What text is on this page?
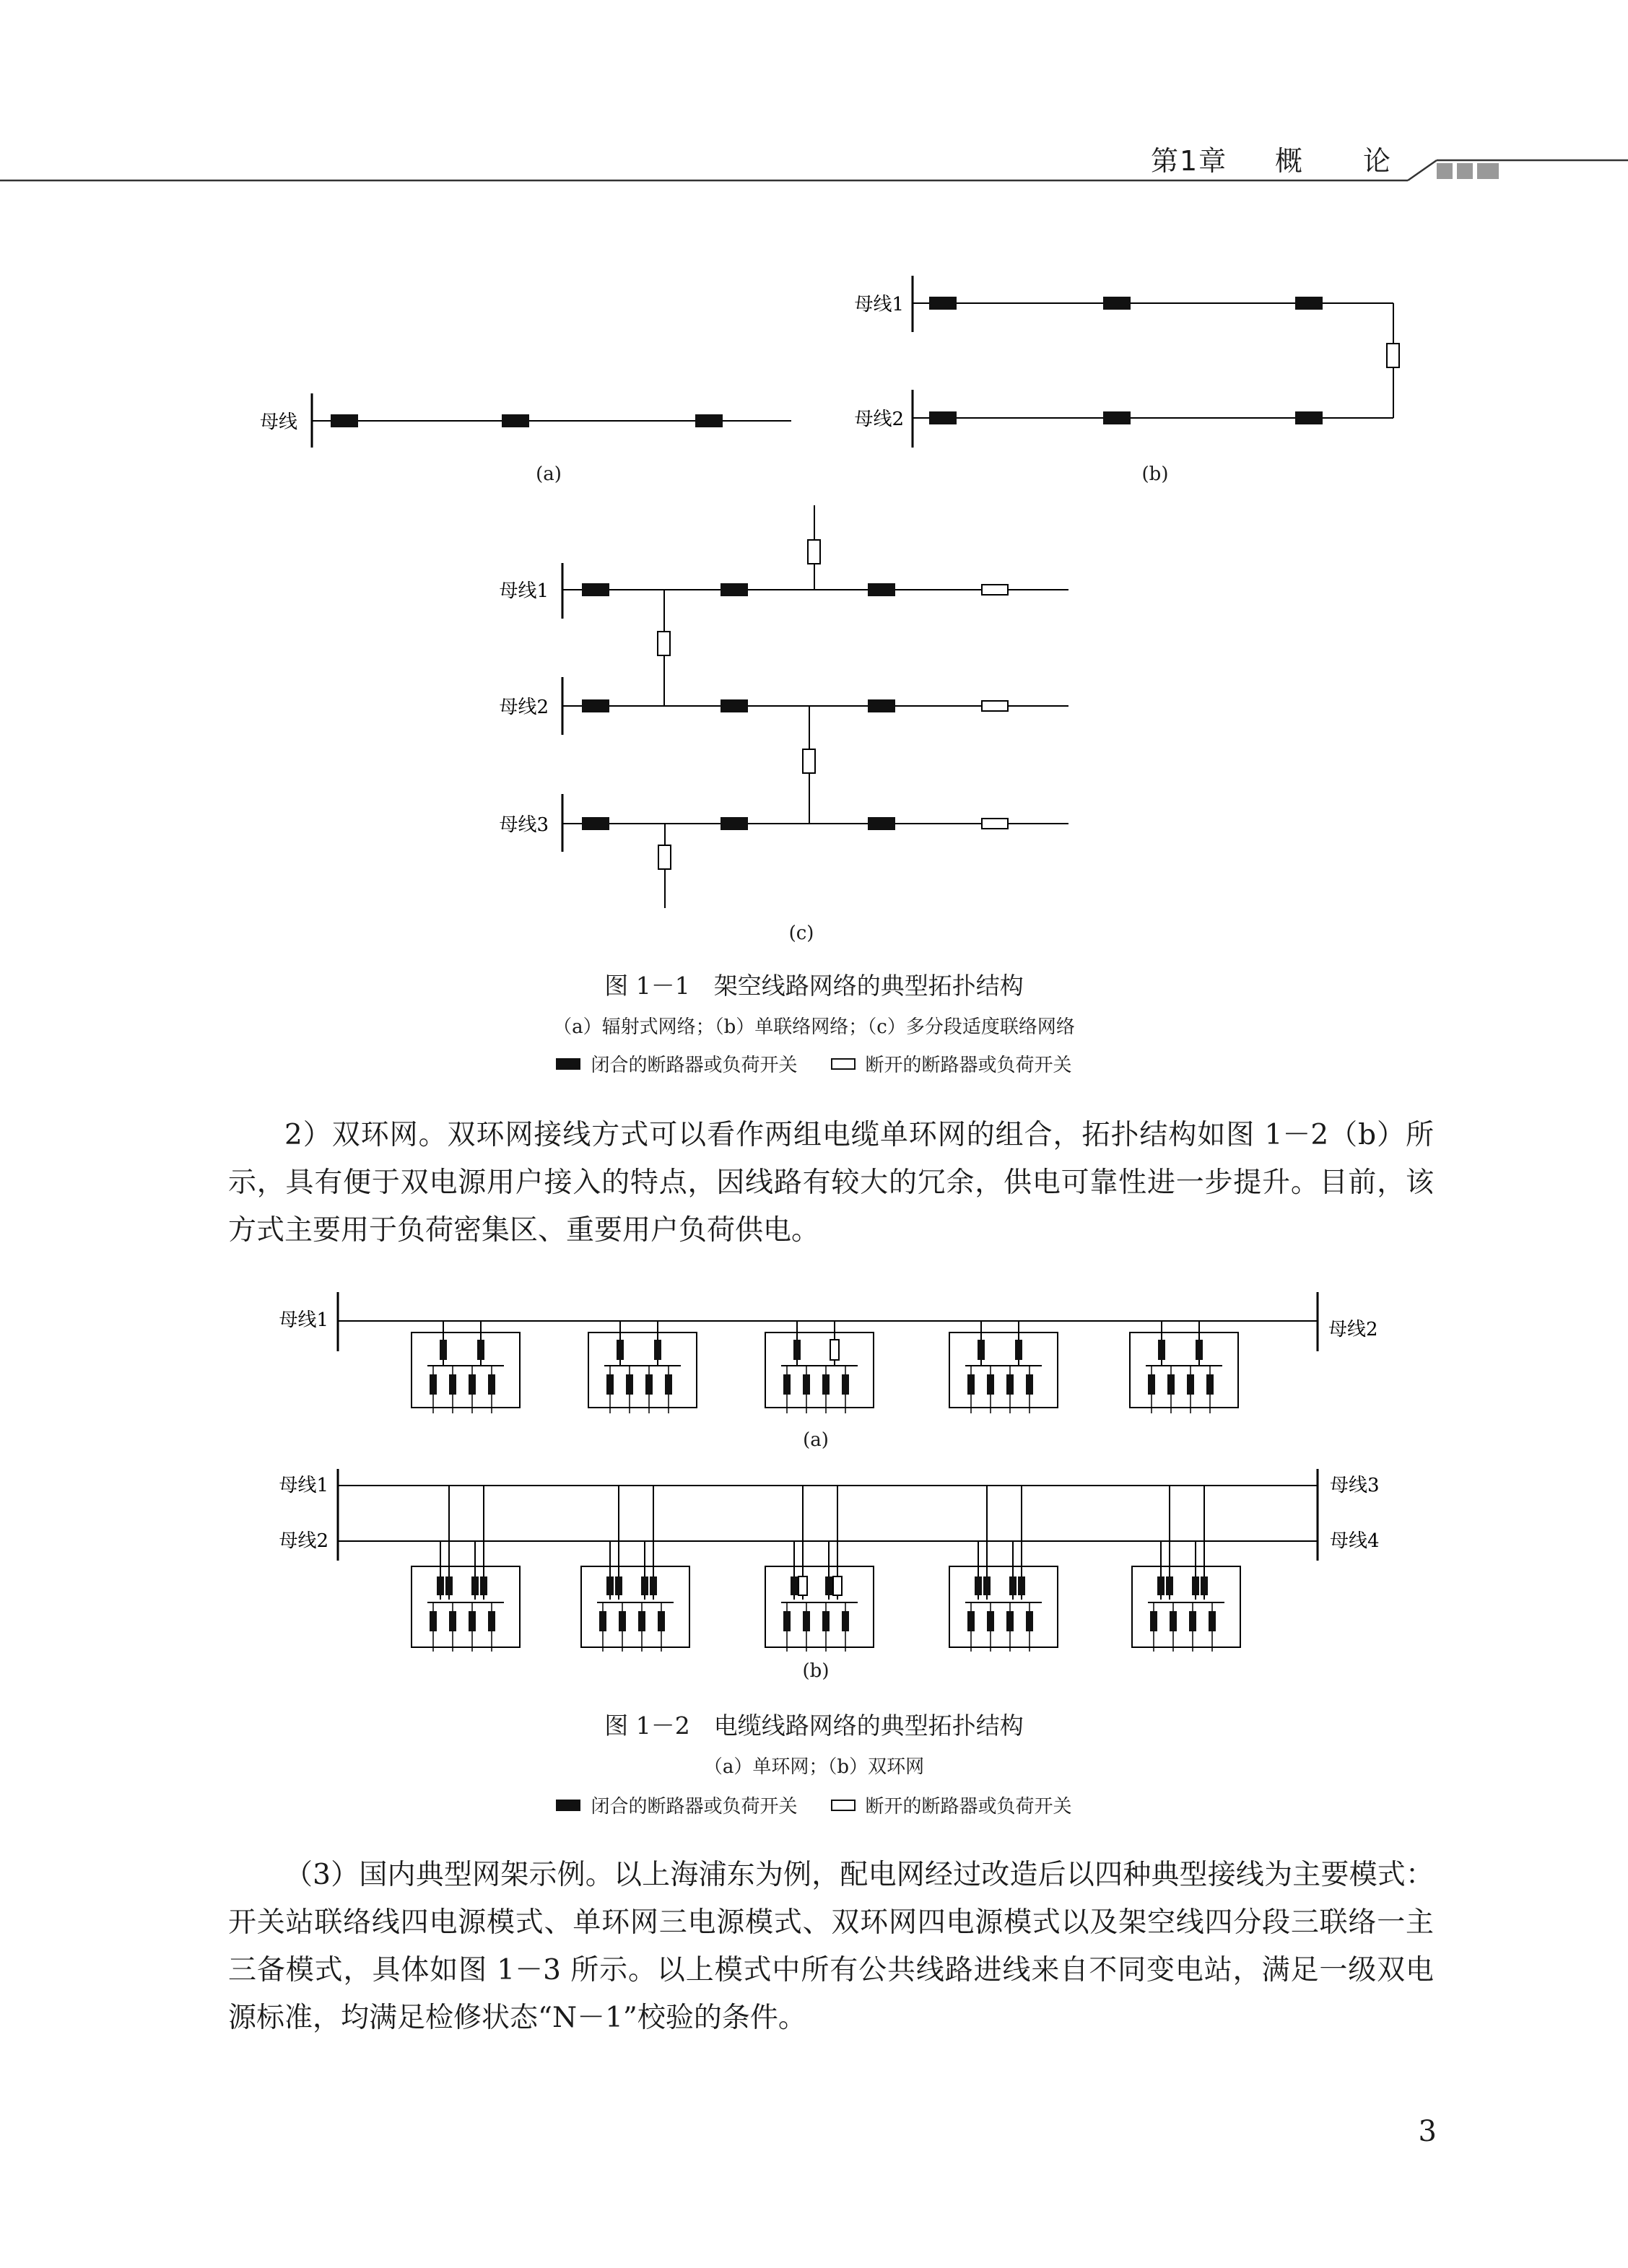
第1章 概 论
母线
母线1
母线2
母线1
母线2
母线3
(a)	(b)
(c)
图 1－1　架空线路网络的典型拓扑结构
（a）辐射式网络；（b）单联络网络；（c）多分段适度联络网络
闭合的断路器或负荷开关	断开的断路器或负荷开关
2）双环网。双环网接线方式可以看作两组电缆单环网的组合，拓扑结构如图 1－2（b）所示，具有便于双电源用户接入的特点，因线路有较大的冗余，供电可靠性进一步提升。目前，该方式主要用于负荷密集区、重要用户负荷供电。
母线1	母线2
母线1
母线2
母线3
母线4
(a)
(b)
图 1－2　电缆线路网络的典型拓扑结构
（a）单环网；（b）双环网
闭合的断路器或负荷开关	断开的断路器或负荷开关
（3）国内典型网架示例。以上海浦东为例，配电网经过改造后以四种典型接线为主要模式：开关站联络线四电源模式、单环网三电源模式、双环网四电源模式以及架空线四分段三联络一主三备模式，具体如图 1－3 所示。以上模式中所有公共线路进线来自不同变电站，满足一级双电源标准，均满足检修状态“N－1”校验的条件。
3
